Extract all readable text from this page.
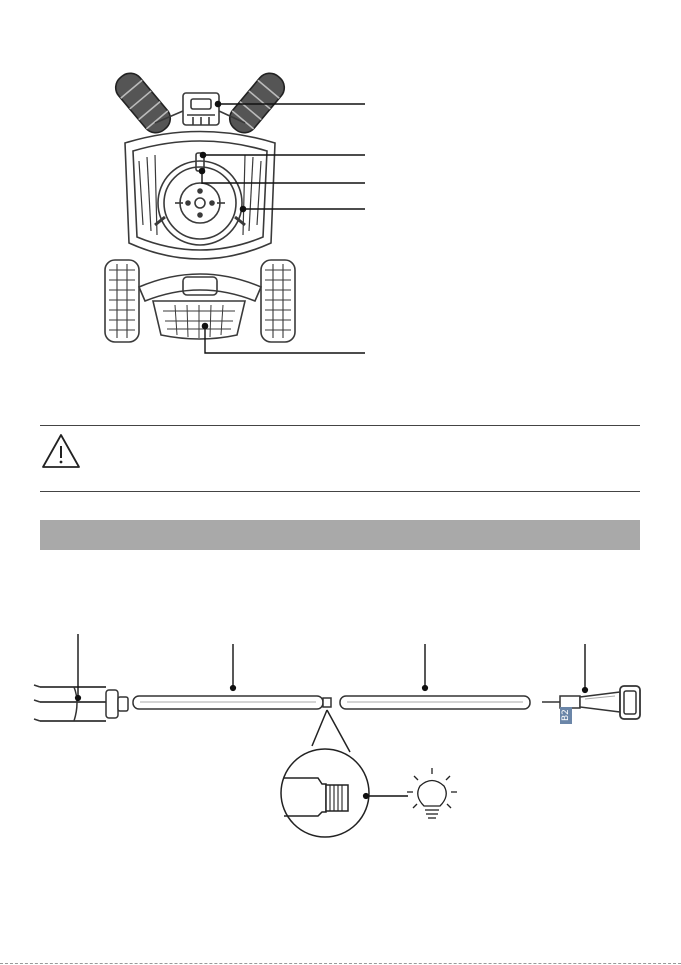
B2
